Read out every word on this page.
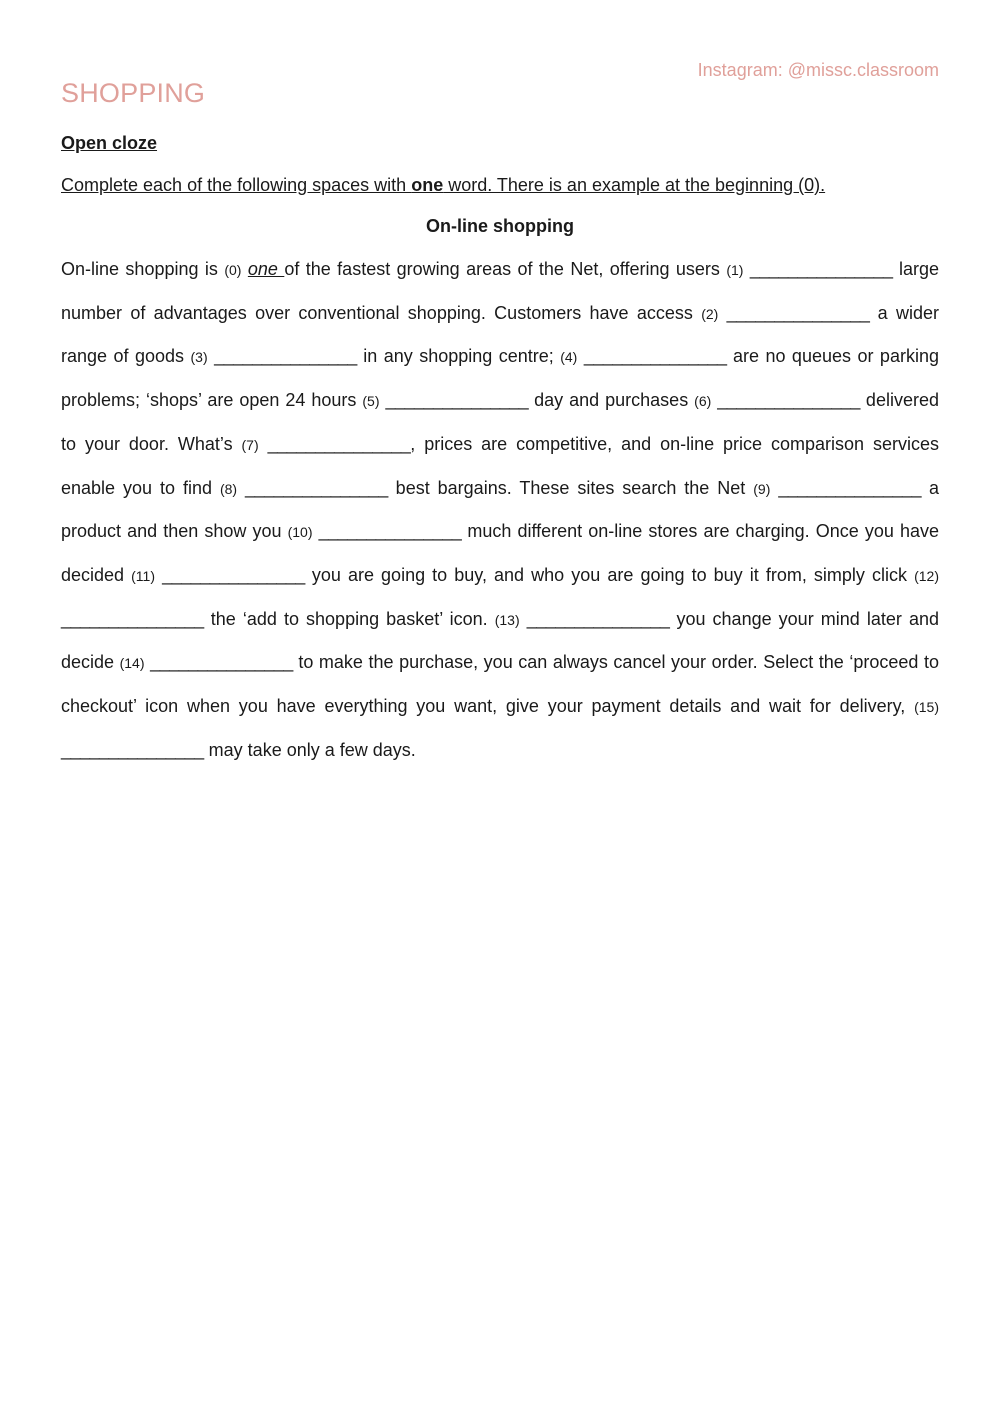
Instagram: @missc.classroom
SHOPPING
Open cloze
Complete each of the following spaces with one word. There is an example at the beginning (0).
On-line shopping
On-line shopping is (0) one of the fastest growing areas of the Net, offering users (1) _______________ large number of advantages over conventional shopping. Customers have access (2) _______________ a wider range of goods (3) _______________ in any shopping centre; (4) _______________ are no queues or parking problems; ‘shops’ are open 24 hours (5) _______________ day and purchases (6) _______________ delivered to your door. What’s (7) _______________, prices are competitive, and on-line price comparison services enable you to find (8) _______________ best bargains. These sites search the Net (9) _______________ a product and then show you (10) _______________ much different on-line stores are charging. Once you have decided (11) _______________ you are going to buy, and who you are going to buy it from, simply click (12) _______________ the ‘add to shopping basket’ icon. (13) _______________ you change your mind later and decide (14) _______________ to make the purchase, you can always cancel your order. Select the ‘proceed to checkout’ icon when you have everything you want, give your payment details and wait for delivery, (15) _______________ may take only a few days.
